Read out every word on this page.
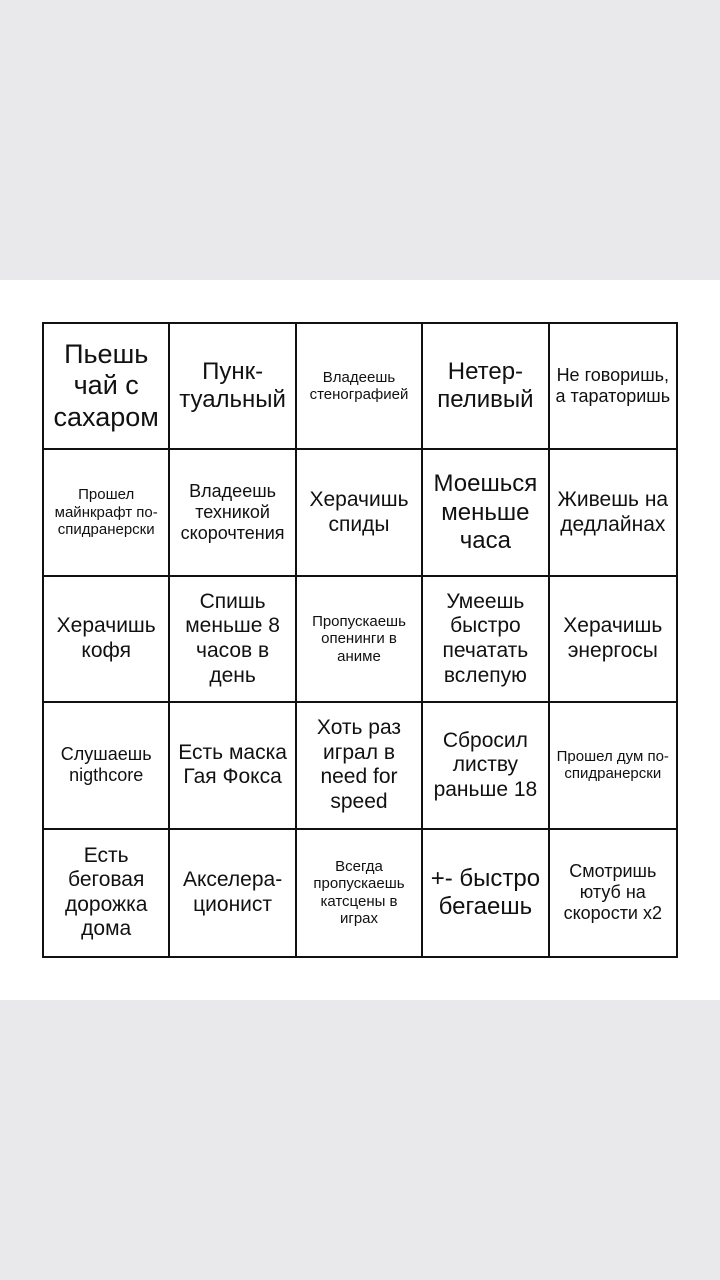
Пьешь чай с сахаром
Пунк-туальный
Владеешь стенографией
Нетер-пеливый
Не говоришь, а тараторишь
Прошел майнкрафт по-спидранерски
Владеешь техникой скорочтения
Херачишь спиды
Моешься меньше часа
Живешь на дедлайнах
Херачишь кофя
Спишь меньше 8 часов в день
Пропускаешь опенинги в аниме
Умеешь быстро печатать вслепую
Херачишь энергосы
Слушаешь nigthcore
Есть маска Гая Фокса
Хоть раз играл в need for speed
Сбросил листву раньше 18
Прошел дум по-спидранерски
Есть беговая дорожка дома
Акселера-ционист
Всегда пропускаешь катсцены в играх
+- быстро бегаешь
Смотришь ютуб на скорости x2
